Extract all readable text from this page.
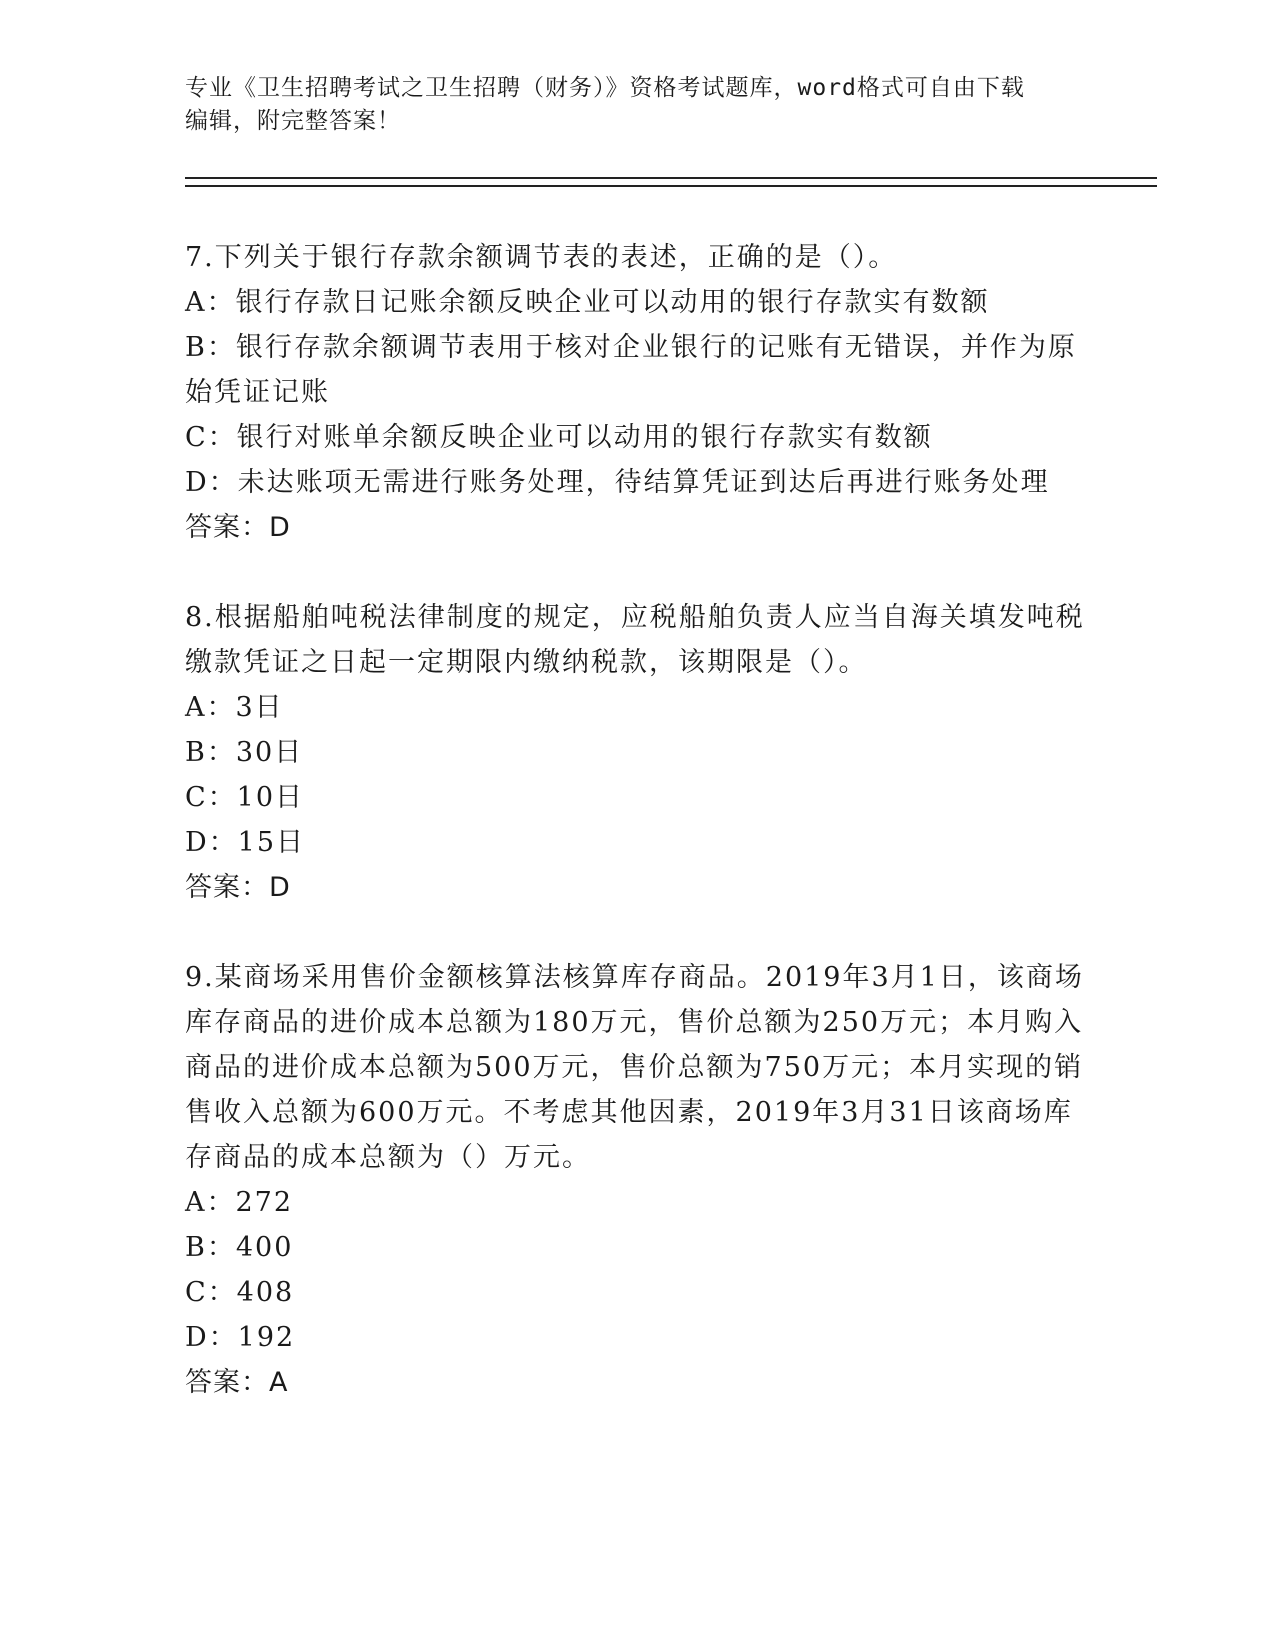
专业《卫生招聘考试之卫生招聘（财务）》资格考试题库，word格式可自由下载
编辑，附完整答案！
7.下列关于银行存款余额调节表的表述，正确的是（）。
A：银行存款日记账余额反映企业可以动用的银行存款实有数额
B：银行存款余额调节表用于核对企业银行的记账有无错误，并作为原始凭证记账
C：银行对账单余额反映企业可以动用的银行存款实有数额
D：未达账项无需进行账务处理，待结算凭证到达后再进行账务处理
答案：D
8.根据船舶吨税法律制度的规定，应税船舶负责人应当自海关填发吨税缴款凭证之日起一定期限内缴纳税款，该期限是（）。
A：3日
B：30日
C：10日
D：15日
答案：D
9.某商场采用售价金额核算法核算库存商品。2019年3月1日，该商场库存商品的进价成本总额为180万元，售价总额为250万元；本月购入商品的进价成本总额为500万元，售价总额为750万元；本月实现的销售收入总额为600万元。不考虑其他因素，2019年3月31日该商场库存商品的成本总额为（）万元。
A：272
B：400
C：408
D：192
答案：A
